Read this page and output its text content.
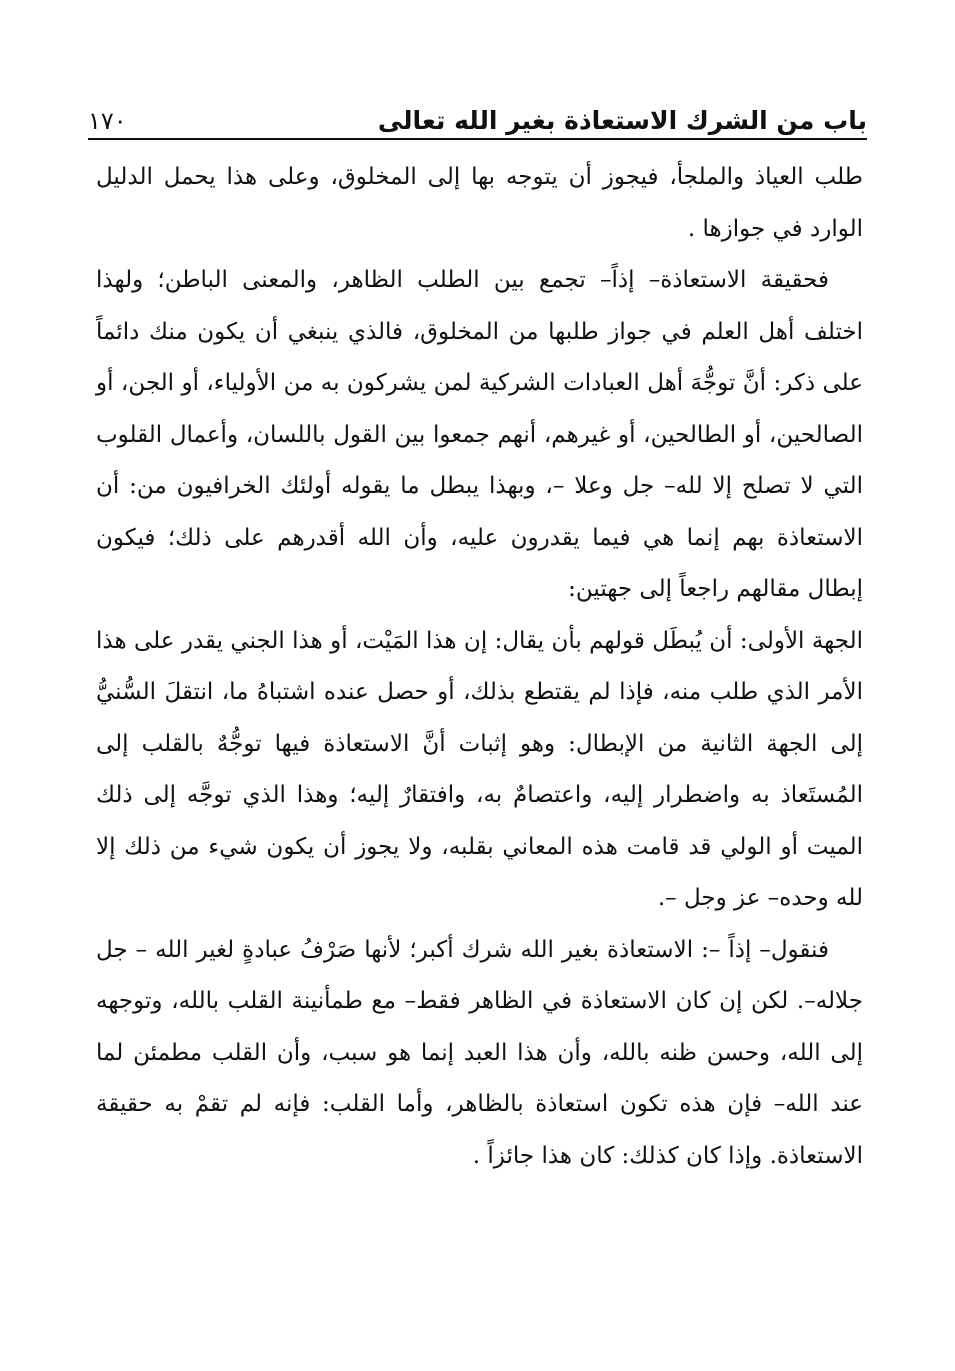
باب من الشرك الاستعاذة بغير الله تعالى
١٧٠

طلب العياذ والملجأ، فيجوز أن يتوجه بها إلى المخلوق، وعلى هذا يحمل الدليل الوارد في جوازها .

فحقيقة الاستعاذة– إذاً– تجمع بين الطلب الظاهر، والمعنى الباطن؛ ولهذا اختلف أهل العلم في جواز طلبها من المخلوق، فالذي ينبغي أن يكون منك دائماً على ذكر: أنَّ توجُّهَ أهل العبادات الشركية لمن يشركون به من الأولياء، أو الجن، أو الصالحين، أو الطالحين، أو غيرهم، أنهم جمعوا بين القول باللسان، وأعمال القلوب التي لا تصلح إلا لله– جل وعلا –، وبهذا يبطل ما يقوله أولئك الخرافيون من: أن الاستعاذة بهم إنما هي فيما يقدرون عليه، وأن الله أقدرهم على ذلك؛ فيكون إبطال مقالهم راجعاً إلى جهتين:

الجهة الأولى: أن يُبطَل قولهم بأن يقال: إن هذا المَيْت، أو هذا الجني يقدر على هذا الأمر الذي طلب منه، فإذا لم يقتطع بذلك، أو حصل عنده اشتباهُ ما، انتقلَ السُّنيُّ إلى الجهة الثانية من الإبطال: وهو إثبات أنَّ الاستعاذة فيها توجُّهٌ بالقلب إلى المُستَعاذ به واضطرار إليه، واعتصامٌ به، وافتقارٌ إليه؛ وهذا الذي توجَّه إلى ذلك الميت أو الولي قد قامت هذه المعاني بقلبه، ولا يجوز أن يكون شيء من ذلك إلا لله وحده– عز وجل –.

فنقول– إذاً –: الاستعاذة بغير الله شرك أكبر؛ لأنها صَرْفُ عبادةٍ لغير الله – جل جلاله–. لكن إن كان الاستعاذة في الظاهر فقط– مع طمأنينة القلب بالله، وتوجهه إلى الله، وحسن ظنه بالله، وأن هذا العبد إنما هو سبب، وأن القلب مطمئن لما عند الله– فإن هذه تكون استعاذة بالظاهر، وأما القلب: فإنه لم تقمْ به حقيقة الاستعاذة. وإذا كان كذلك: كان هذا جائزاً .
